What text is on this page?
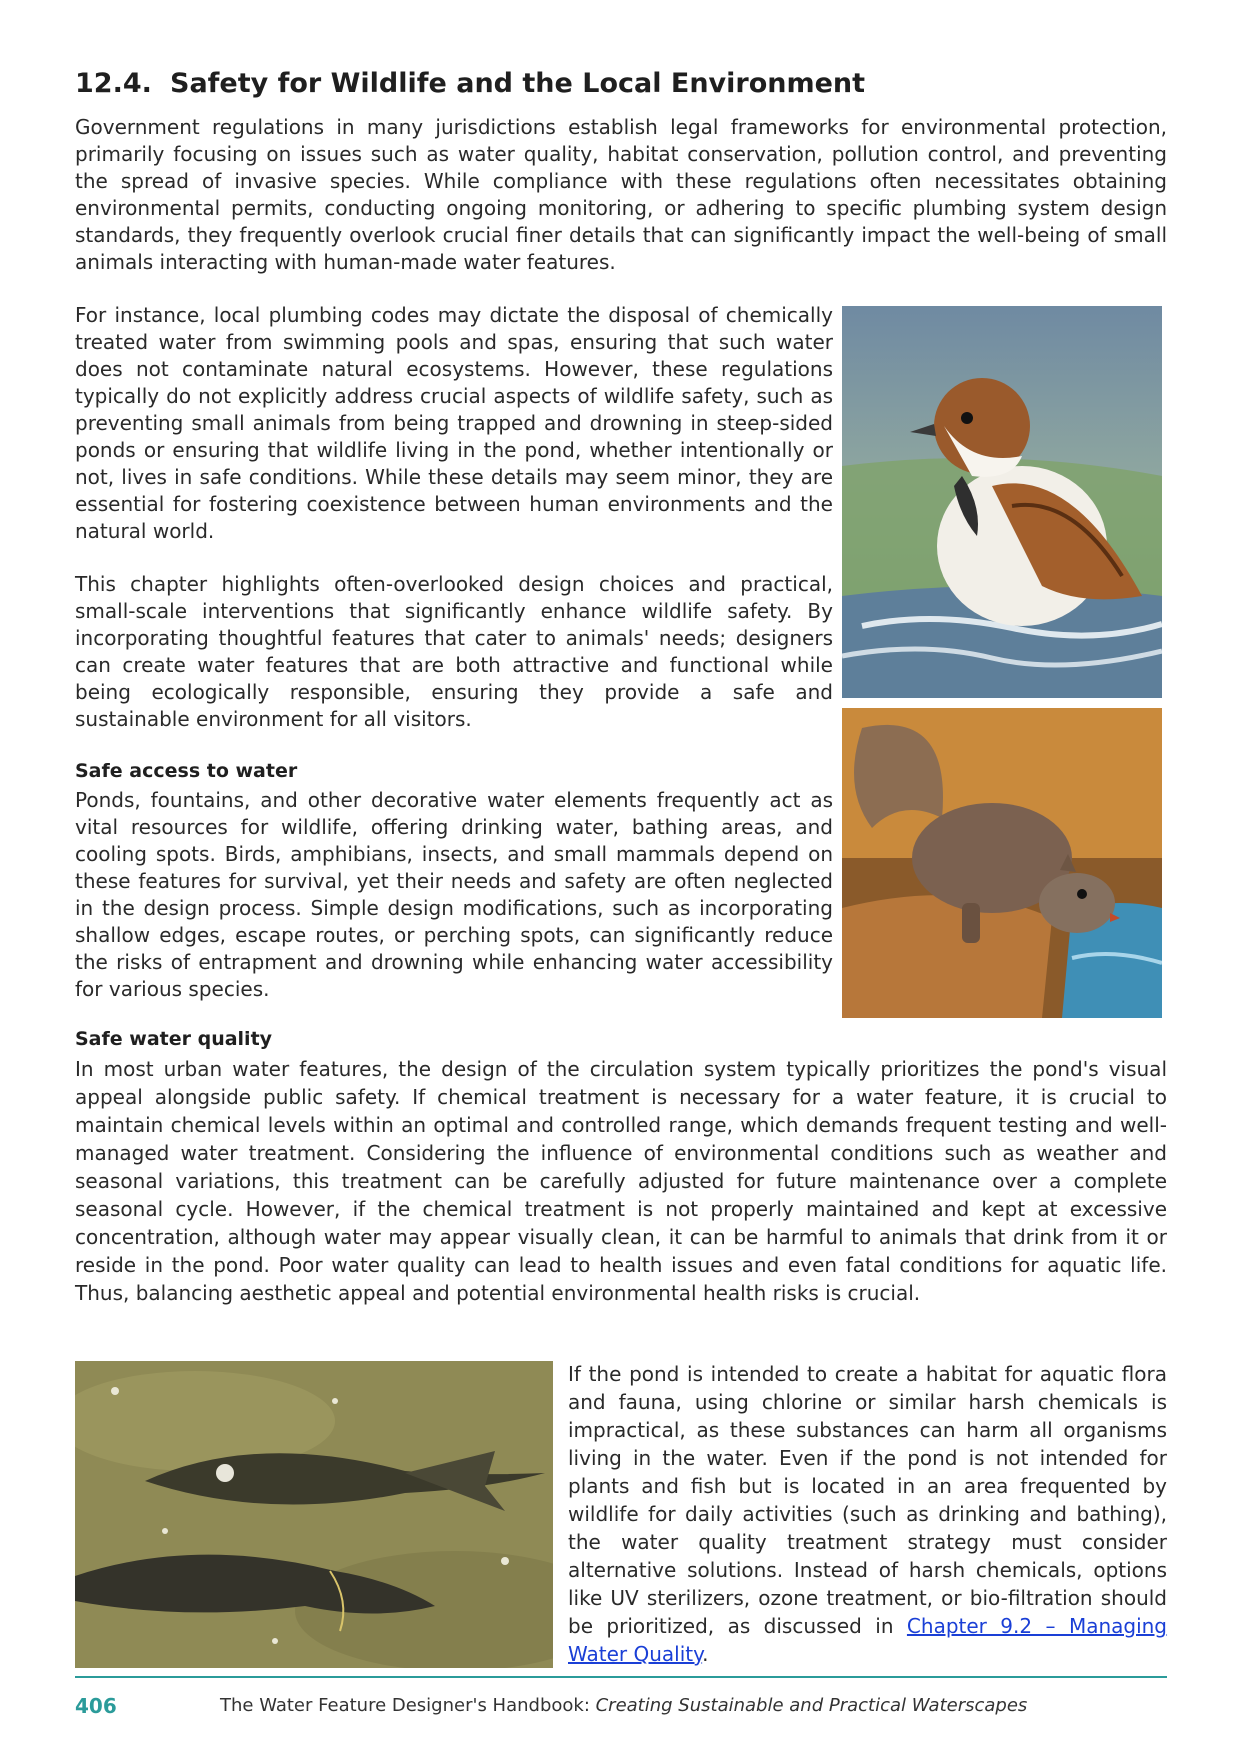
12.4. Safety for Wildlife and the Local Environment

Government regulations in many jurisdictions establish legal frameworks for environmental protection, primarily focusing on issues such as water quality, habitat conservation, pollution control, and preventing the spread of invasive species. While compliance with these regulations often necessitates obtaining environmental permits, conducting ongoing monitoring, or adhering to specific plumbing system design standards, they frequently overlook crucial finer details that can significantly impact the well-being of small animals interacting with human-made water features.

For instance, local plumbing codes may dictate the disposal of chemically treated water from swimming pools and spas, ensuring that such water does not contaminate natural ecosystems. However, these regulations typically do not explicitly address crucial aspects of wildlife safety, such as preventing small animals from being trapped and drowning in steep-sided ponds or ensuring that wildlife living in the pond, whether intentionally or not, lives in safe conditions. While these details may seem minor, they are essential for fostering coexistence between human environments and the natural world.

This chapter highlights often-overlooked design choices and practical, small-scale interventions that significantly enhance wildlife safety. By incorporating thoughtful features that cater to animals' needs; designers can create water features that are both attractive and functional while being ecologically responsible, ensuring they provide a safe and sustainable environment for all visitors.

Safe access to water

Ponds, fountains, and other decorative water elements frequently act as vital resources for wildlife, offering drinking water, bathing areas, and cooling spots. Birds, amphibians, insects, and small mammals depend on these features for survival, yet their needs and safety are often neglected in the design process. Simple design modifications, such as incorporating shallow edges, escape routes, or perching spots, can significantly reduce the risks of entrapment and drowning while enhancing water accessibility for various species.

Safe water quality

In most urban water features, the design of the circulation system typically prioritizes the pond's visual appeal alongside public safety. If chemical treatment is necessary for a water feature, it is crucial to maintain chemical levels within an optimal and controlled range, which demands frequent testing and well-managed water treatment. Considering the influence of environmental conditions such as weather and seasonal variations, this treatment can be carefully adjusted for future maintenance over a complete seasonal cycle. However, if the chemical treatment is not properly maintained and kept at excessive concentration, although water may appear visually clean, it can be harmful to animals that drink from it or reside in the pond. Poor water quality can lead to health issues and even fatal conditions for aquatic life. Thus, balancing aesthetic appeal and potential environmental health risks is crucial.

If the pond is intended to create a habitat for aquatic flora and fauna, using chlorine or similar harsh chemicals is impractical, as these substances can harm all organisms living in the water. Even if the pond is not intended for plants and fish but is located in an area frequented by wildlife for daily activities (such as drinking and bathing), the water quality treatment strategy must consider alternative solutions. Instead of harsh chemicals, options like UV sterilizers, ozone treatment, or bio-filtration should be prioritized, as discussed in Chapter 9.2 – Managing Water Quality.

406	The Water Feature Designer's Handbook: Creating Sustainable and Practical Waterscapes
